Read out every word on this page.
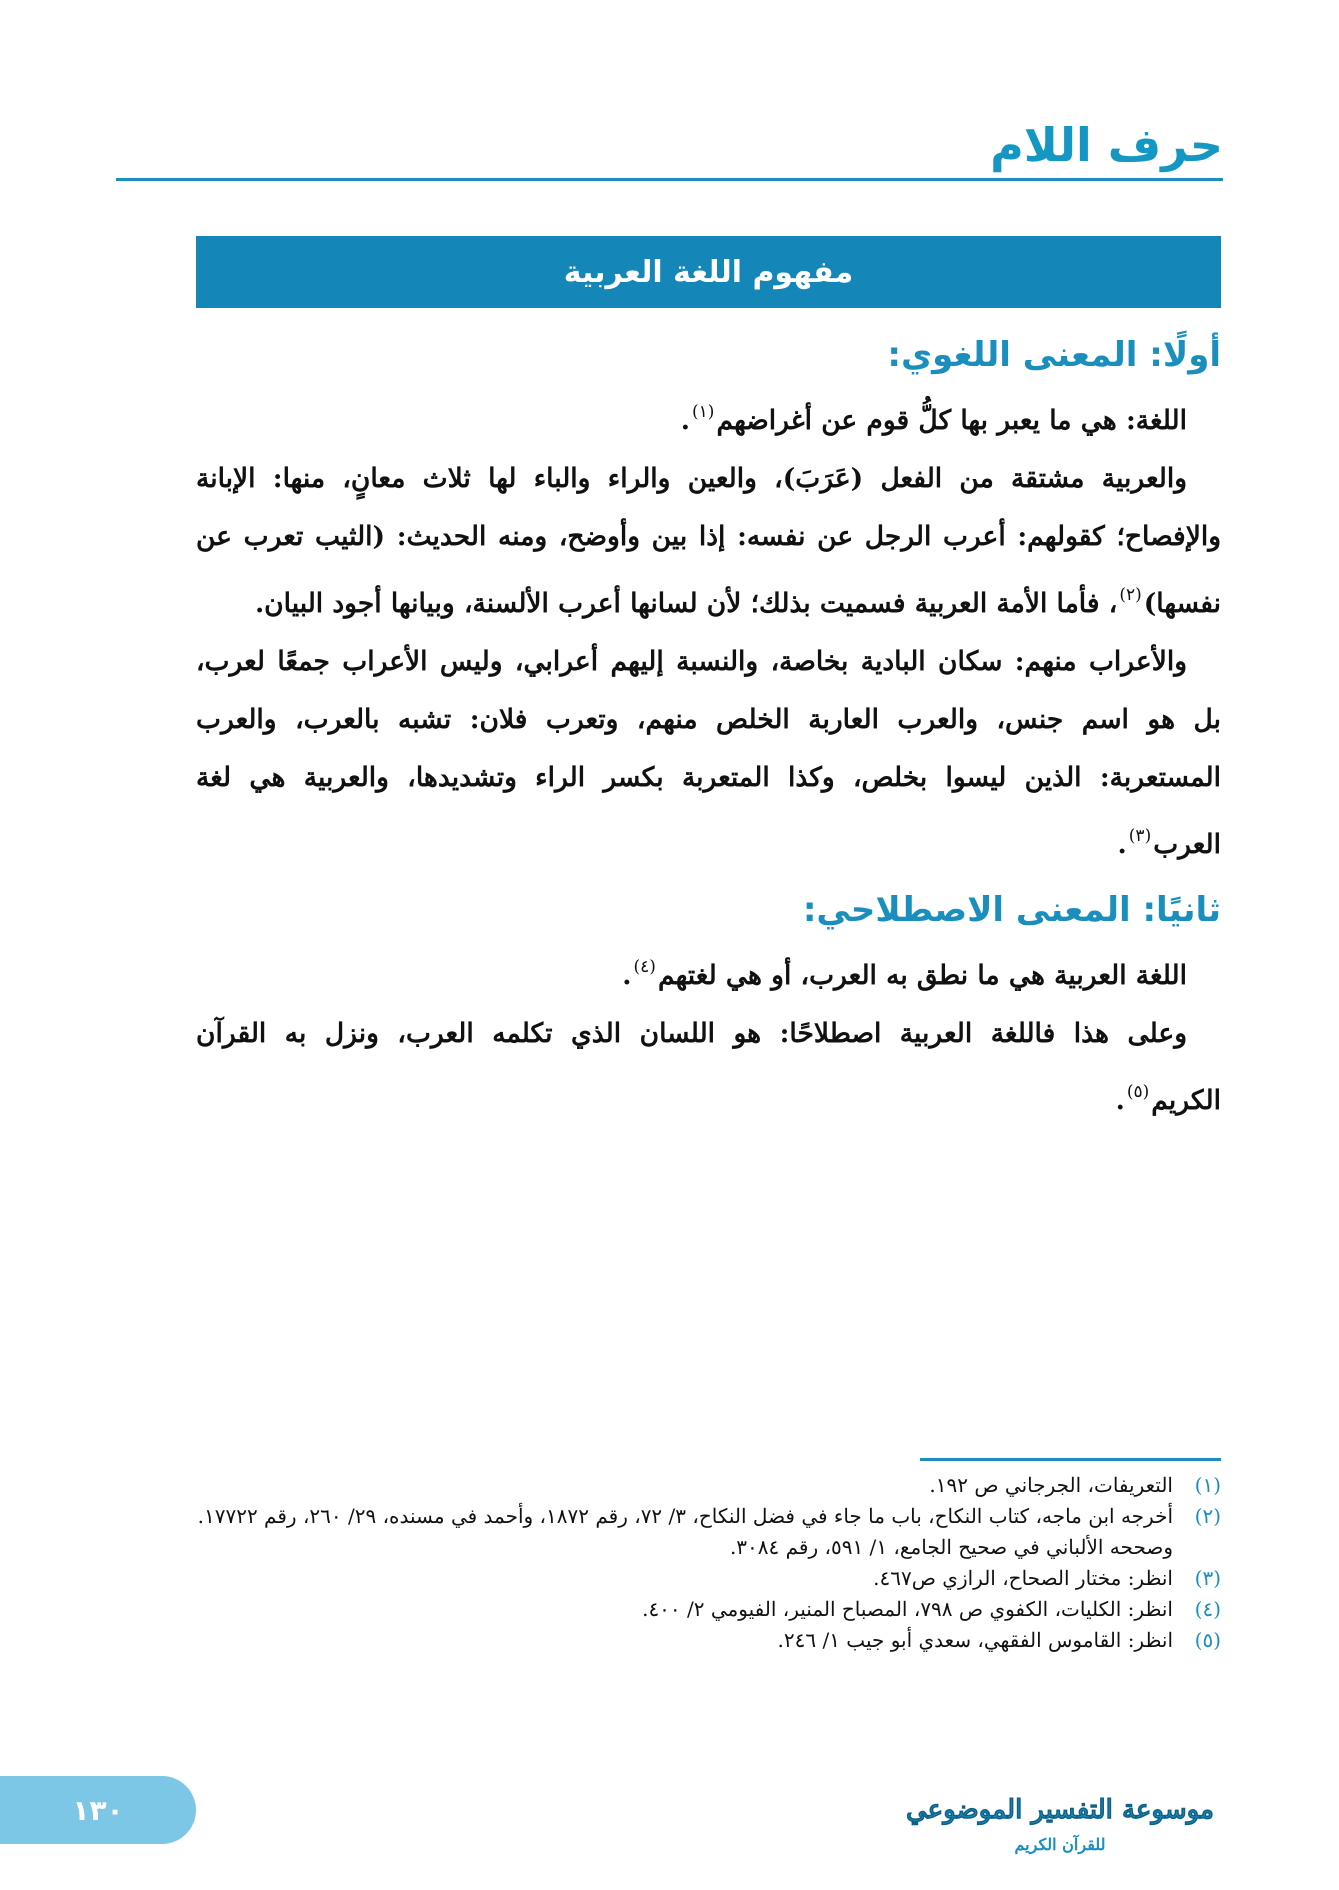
حرف اللام
مفهوم اللغة العربية
أولًا: المعنى اللغوي:

اللغة: هي ما يعبر بها كلُّ قوم عن أغراضهم$^{(١)}$.

والعربية مشتقة من الفعل (عَرَبَ)، والعين والراء والباء لها ثلاث معانٍ، منها: الإبانة والإفصاح؛ كقولهم: أعرب الرجل عن نفسه: إذا بين وأوضح، ومنه الحديث: (الثيب تعرب عن نفسها)$^{(٢)}$، فأما الأمة العربية فسميت بذلك؛ لأن لسانها أعرب الألسنة، وبيانها أجود البيان.

والأعراب منهم: سكان البادية بخاصة، والنسبة إليهم أعرابي، وليس الأعراب جمعًا لعرب، بل هو اسم جنس، والعرب العاربة الخلص منهم، وتعرب فلان: تشبه بالعرب، والعرب المستعربة: الذين ليسوا بخلص، وكذا المتعربة بكسر الراء وتشديدها، والعربية هي لغة العرب$^{(٣)}$.

ثانيًا: المعنى الاصطلاحي:

اللغة العربية هي ما نطق به العرب، أو هي لغتهم$^{(٤)}$.

وعلى هذا فاللغة العربية اصطلاحًا: هو اللسان الذي تكلمه العرب، ونزل به القرآن الكريم$^{(٥)}$.

(١)
التعريفات، الجرجاني ص ١٩٢.

(٢)
أخرجه ابن ماجه، كتاب النكاح، باب ما جاء في فضل النكاح، ٣/ ٧٢، رقم ١٨٧٢، وأحمد في مسنده، ٢٩/ ٢٦٠، رقم ١٧٧٢٢.

وصححه الألباني في صحيح الجامع، ١/ ٥٩١، رقم ٣٠٨٤.

(٣)
انظر: مختار الصحاح، الرازي ص٤٦٧.

(٤)
انظر: الكليات، الكفوي ص ٧٩٨، المصباح المنير، الفيومي ٢/ ٤٠٠.

(٥)
انظر: القاموس الفقهي، سعدي أبو جيب ١/ ٢٤٦.

موسوعة التفسير الموضوعي
للقرآن الكريم
١٣٠
